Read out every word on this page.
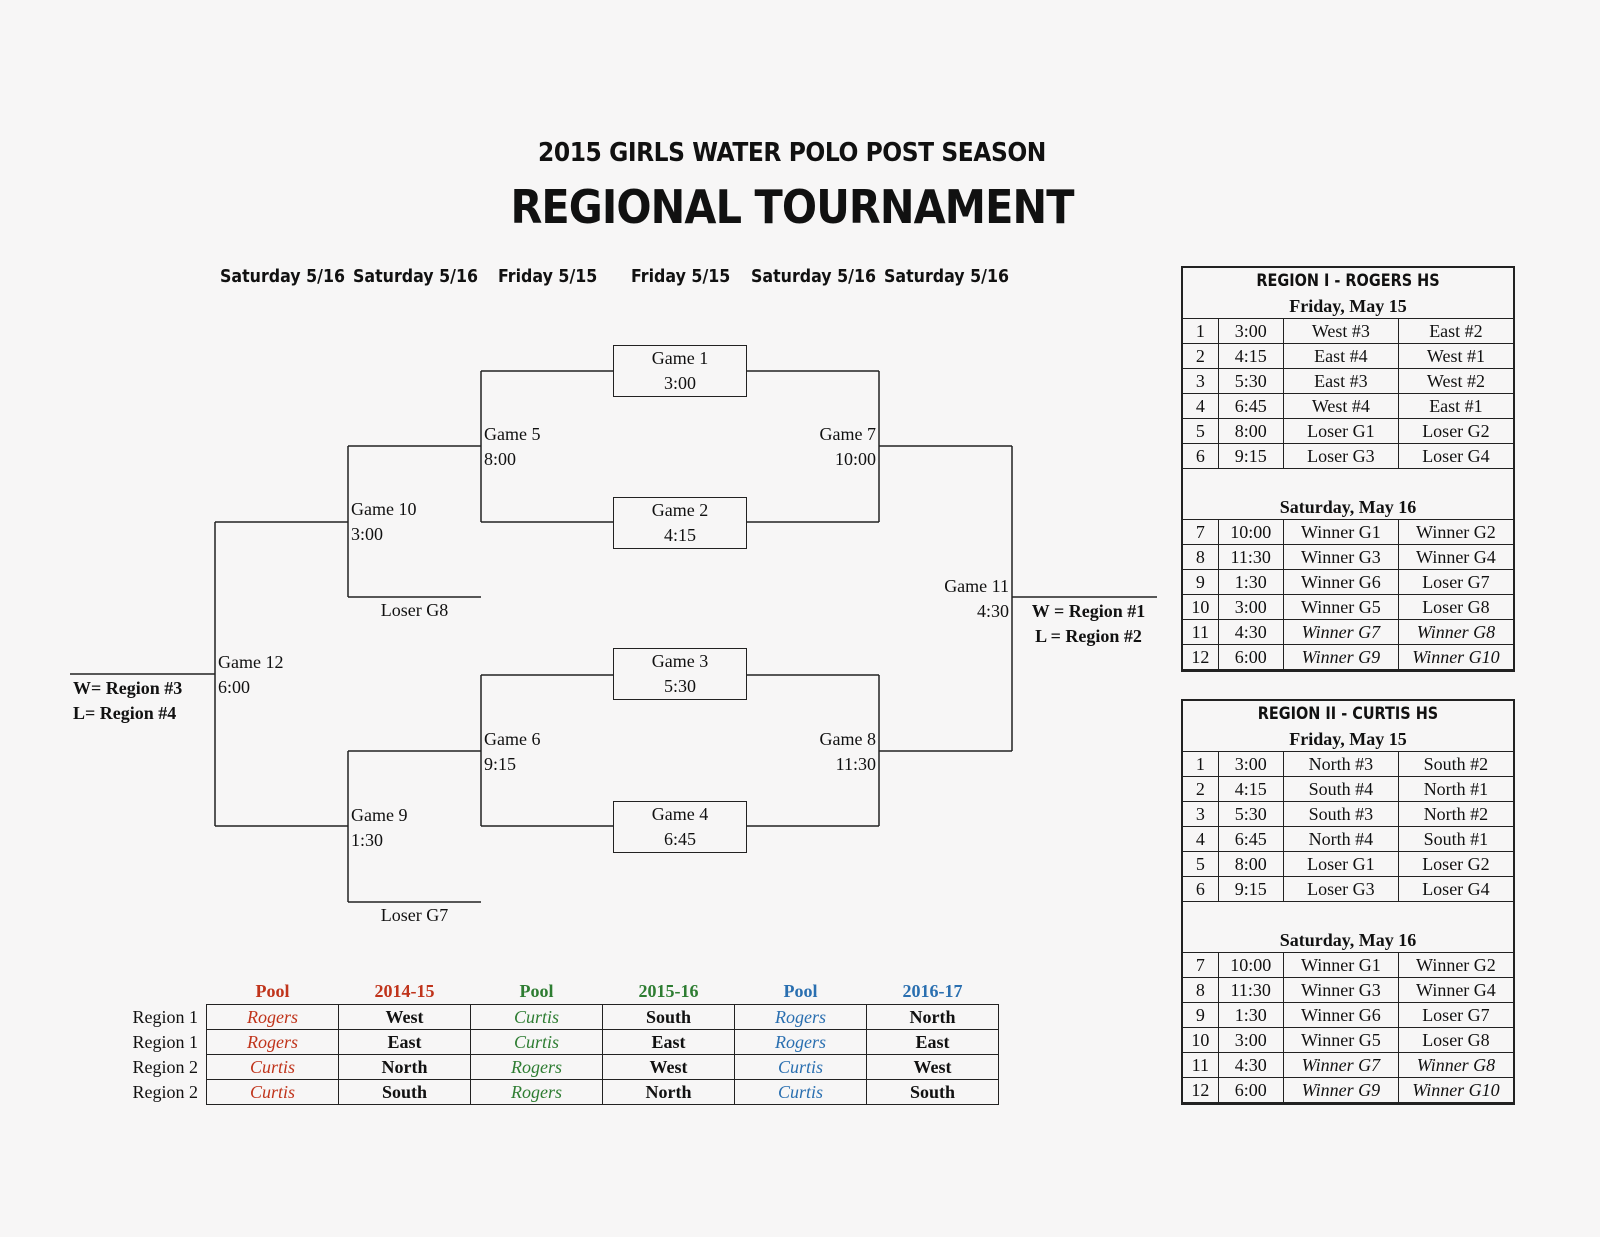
2015 GIRLS WATER POLO POST SEASON
REGIONAL TOURNAMENT
Saturday 5/16 Saturday 5/16 Friday 5/15 Friday 5/15 Saturday 5/16 Saturday 5/16
Game 1
3:00
Game 2
4:15
Game 3
5:30
Game 4
6:45
Game 5
8:00
Game 7
10:00
Game 10
3:00
Loser G8
Game 6
9:15
Game 8
11:30
Game 9
1:30
Loser G7
Game 11
4:30	W = Region #1
L = Region #2
Game 12
6:00
W= Region #3
L= Region #4
	Pool	2014-15	Pool	2015-16	Pool	2016-17
Region 1	Rogers	West	Curtis	South	Rogers	North
Region 1	Rogers	East	Curtis	East	Rogers	East
Region 2	Curtis	North	Rogers	West	Curtis	West
Region 2	Curtis	South	Rogers	North	Curtis	South
REGION I - ROGERS HS
Friday, May 15
1	3:00	West #3	East #2
2	4:15	East #4	West #1
3	5:30	East #3	West #2
4	6:45	West #4	East #1
5	8:00	Loser G1	Loser G2
6	9:15	Loser G3	Loser G4
Saturday, May 16
7	10:00	Winner G1	Winner G2
8	11:30	Winner G3	Winner G4
9	1:30	Winner G6	Loser G7
10	3:00	Winner G5	Loser G8
11	4:30	Winner G7	Winner G8
12	6:00	Winner G9	Winner G10
REGION II - CURTIS HS
Friday, May 15
1	3:00	North #3	South #2
2	4:15	South #4	North #1
3	5:30	South #3	North #2
4	6:45	North #4	South #1
5	8:00	Loser G1	Loser G2
6	9:15	Loser G3	Loser G4
Saturday, May 16
7	10:00	Winner G1	Winner G2
8	11:30	Winner G3	Winner G4
9	1:30	Winner G6	Loser G7
10	3:00	Winner G5	Loser G8
11	4:30	Winner G7	Winner G8
12	6:00	Winner G9	Winner G10
